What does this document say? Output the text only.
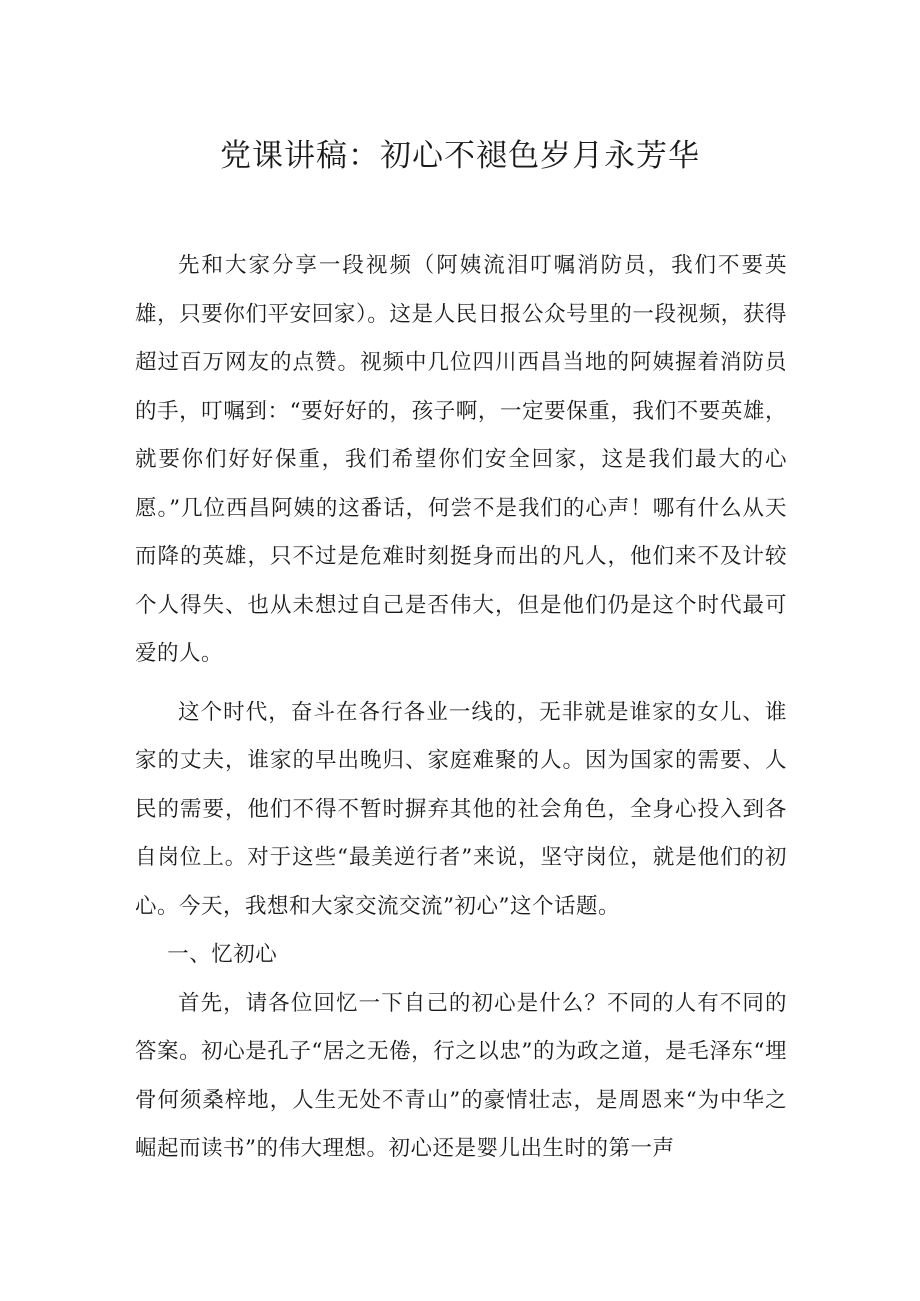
党课讲稿：初心不褪色岁月永芳华

先和大家分享一段视频（阿姨流泪叮嘱消防员，我们不要英雄，只要你们平安回家）。这是人民日报公众号里的一段视频，获得超过百万网友的点赞。视频中几位四川西昌当地的阿姨握着消防员的手，叮嘱到：“要好好的，孩子啊，一定要保重，我们不要英雄，就要你们好好保重，我们希望你们安全回家，这是我们最大的心愿。”几位西昌阿姨的这番话，何尝不是我们的心声！哪有什么从天而降的英雄，只不过是危难时刻挺身而出的凡人，他们来不及计较个人得失、也从未想过自己是否伟大，但是他们仍是这个时代最可爱的人。

这个时代，奋斗在各行各业一线的，无非就是谁家的女儿、谁家的丈夫，谁家的早出晚归、家庭难聚的人。因为国家的需要、人民的需要，他们不得不暂时摒弃其他的社会角色，全身心投入到各自岗位上。对于这些“最美逆行者”来说，坚守岗位，就是他们的初心。今天，我想和大家交流交流”初心”这个话题。

一、忆初心

首先，请各位回忆一下自己的初心是什么？不同的人有不同的答案。初心是孔子“居之无倦，行之以忠”的为政之道，是毛泽东“埋骨何须桑梓地，人生无处不青山”的豪情壮志，是周恩来“为中华之崛起而读书”的伟大理想。初心还是婴儿出生时的第一声
